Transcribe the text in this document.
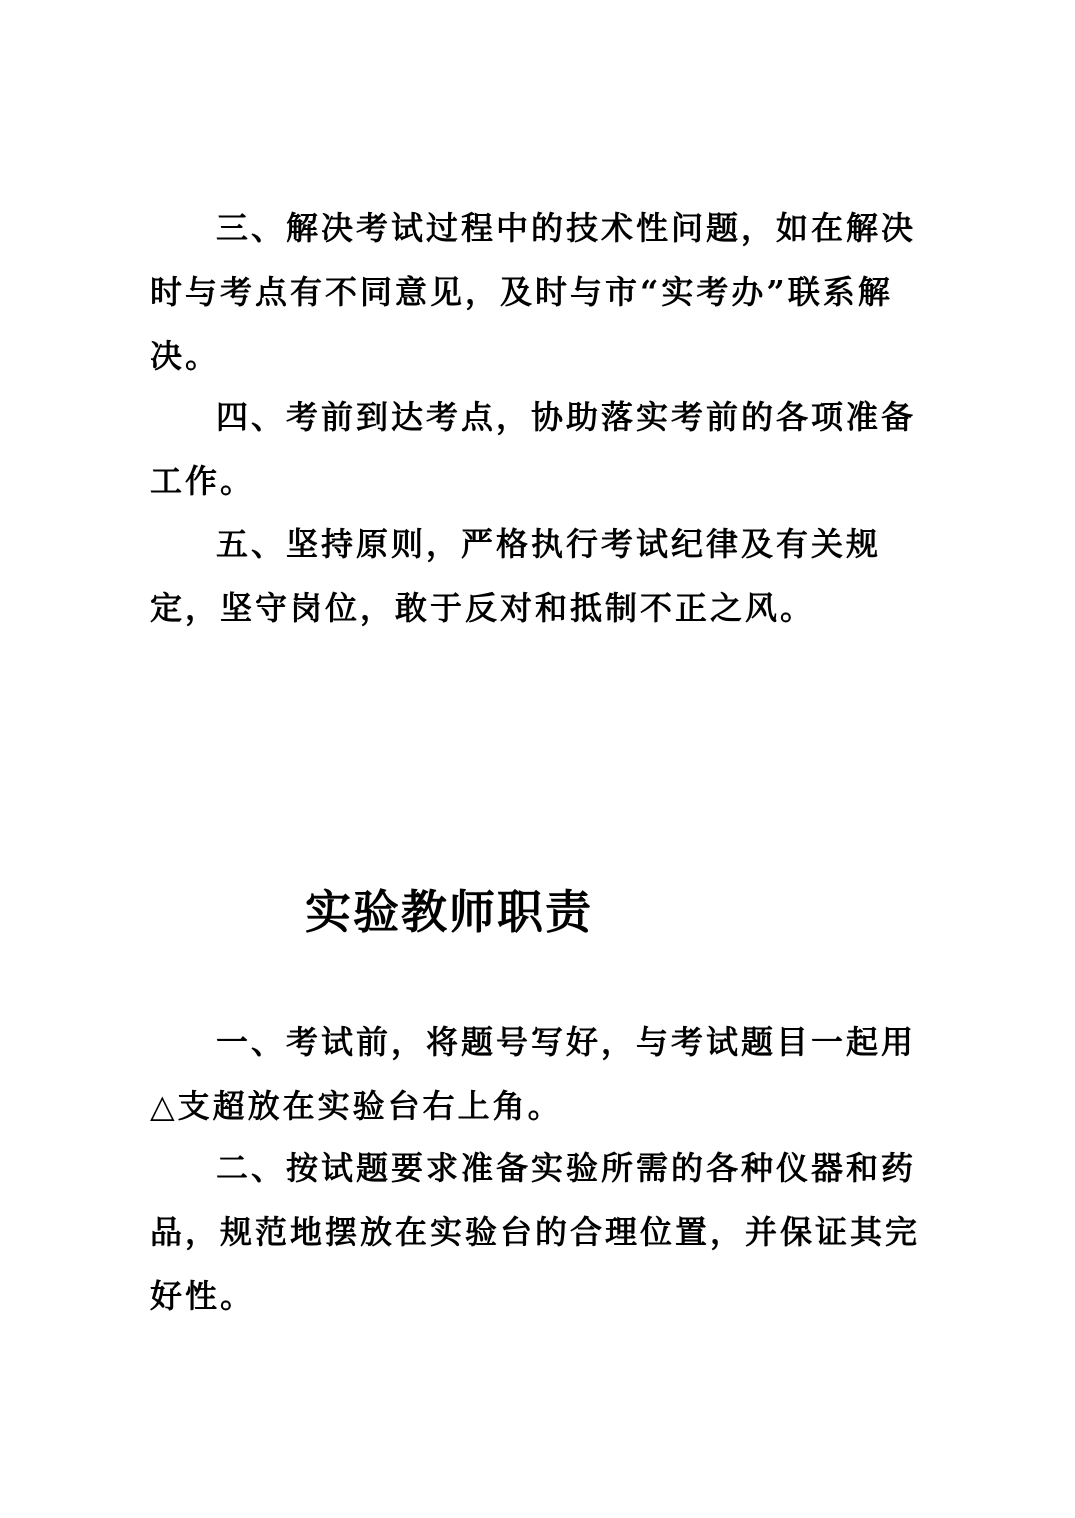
三、解决考试过程中的技术性问题，如在解决时与考点有不同意见，及时与市“实考办”联系解决。

四、考前到达考点，协助落实考前的各项准备工作。

五、坚持原则，严格执行考试纪律及有关规定，坚守岗位，敢于反对和抵制不正之风。

实验教师职责

一、考试前，将题号写好，与考试题目一起用△支超放在实验台右上角。

二、按试题要求准备实验所需的各种仪器和药品，规范地摆放在实验台的合理位置，并保证其完好性。
